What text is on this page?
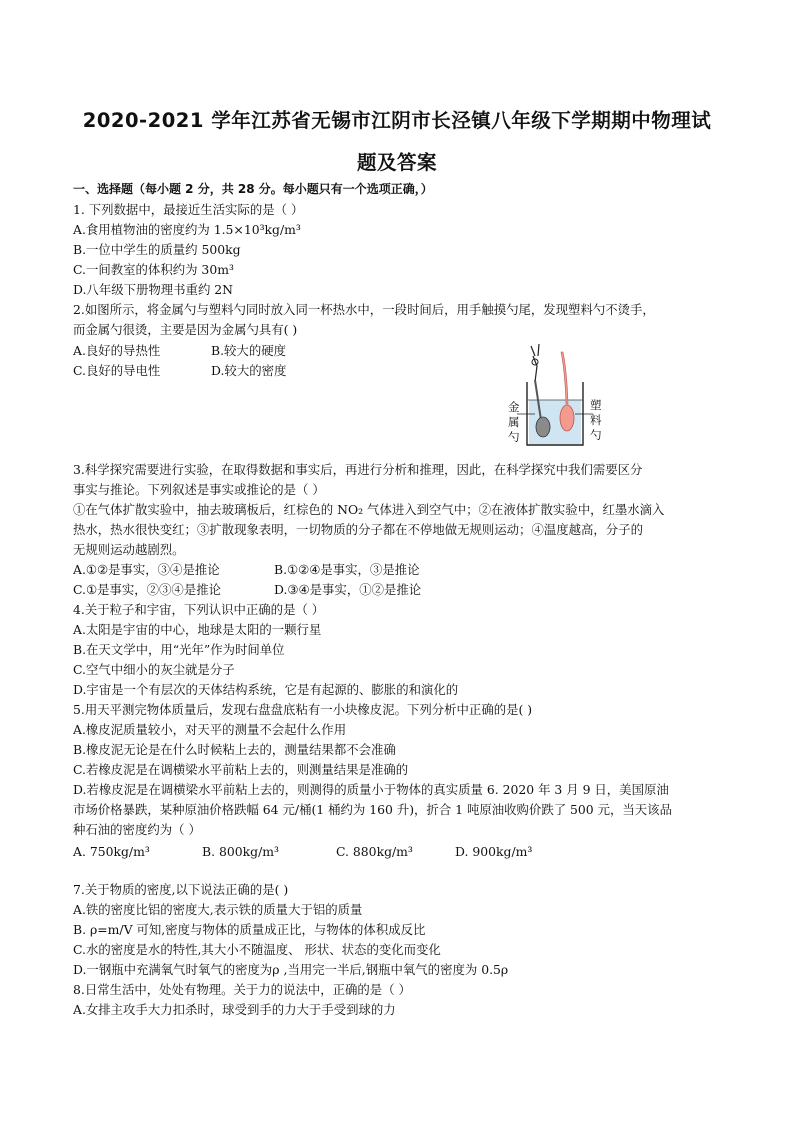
2020-2021 学年江苏省无锡市江阴市长泾镇八年级下学期期中物理试
题及答案
一、选择题（每小题 2 分，共 28 分。每小题只有一个选项正确，）
1. 下列数据中，最接近生活实际的是（ ）
A.食用植物油的密度约为 1.5×10³kg/m³
B.一位中学生的质量约 500kg
C.一间教室的体积约为 30m³
D.八年级下册物理书重约 2N
2.如图所示，将金属勺与塑料勺同时放入同一杯热水中，一段时间后，用手触摸勺尾，发现塑料勺不烫手，
而金属勺很烫，主要是因为金属勺具有( )
A.良好的导热性	B.较大的硬度
C.良好的导电性	D.较大的密度
金
属
勺
塑
料
勺
3.科学探究需要进行实验，在取得数据和事实后，再进行分析和推理，因此，在科学探究中我们需要区分
事实与推论。下列叙述是事实或推论的是（ ）
①在气体扩散实验中，抽去玻璃板后，红棕色的 NO₂ 气体进入到空气中；②在液体扩散实验中，红墨水滴入
热水，热水很快变红；③扩散现象表明，一切物质的分子都在不停地做无规则运动；④温度越高，分子的
无规则运动越剧烈。
A.①②是事实，③④是推论	B.①②④是事实，③是推论
C.①是事实，②③④是推论	D.③④是事实，①②是推论
4.关于粒子和宇宙，下列认识中正确的是（ ）
A.太阳是宇宙的中心，地球是太阳的一颗行星
B.在天文学中，用“光年”作为时间单位
C.空气中细小的灰尘就是分子
D.宇宙是一个有层次的天体结构系统，它是有起源的、膨胀的和演化的
5.用天平测完物体质量后，发现右盘盘底粘有一小块橡皮泥。下列分析中正确的是( )
A.橡皮泥质量较小，对天平的测量不会起什么作用
B.橡皮泥无论是在什么时候粘上去的，测量结果都不会准确
C.若橡皮泥是在调横梁水平前粘上去的，则测量结果是准确的
D.若橡皮泥是在调横梁水平前粘上去的，则测得的质量小于物体的真实质量 6. 2020 年 3 月 9 日，美国原油
市场价格暴跌，某种原油价格跌幅 64 元/桶(1 桶约为 160 升)，折合 1 吨原油收购价跌了 500 元，当天该品
种石油的密度约为（ ）
A. 750kg/m³	B. 800kg/m³	C. 880kg/m³	D. 900kg/m³
7.关于物质的密度,以下说法正确的是( )
A.铁的密度比铝的密度大,表示铁的质量大于铝的质量
B. ρ=m/V 可知,密度与物体的质量成正比，与物体的体积成反比
C.水的密度是水的特性,其大小不随温度、 形状、状态的变化而变化
D.一钢瓶中充满氧气时氧气的密度为ρ ,当用完一半后,钢瓶中氧气的密度为 0.5ρ
8.日常生活中，处处有物理。关于力的说法中，正确的是（ ）
A.女排主攻手大力扣杀时，球受到手的力大于手受到球的力
